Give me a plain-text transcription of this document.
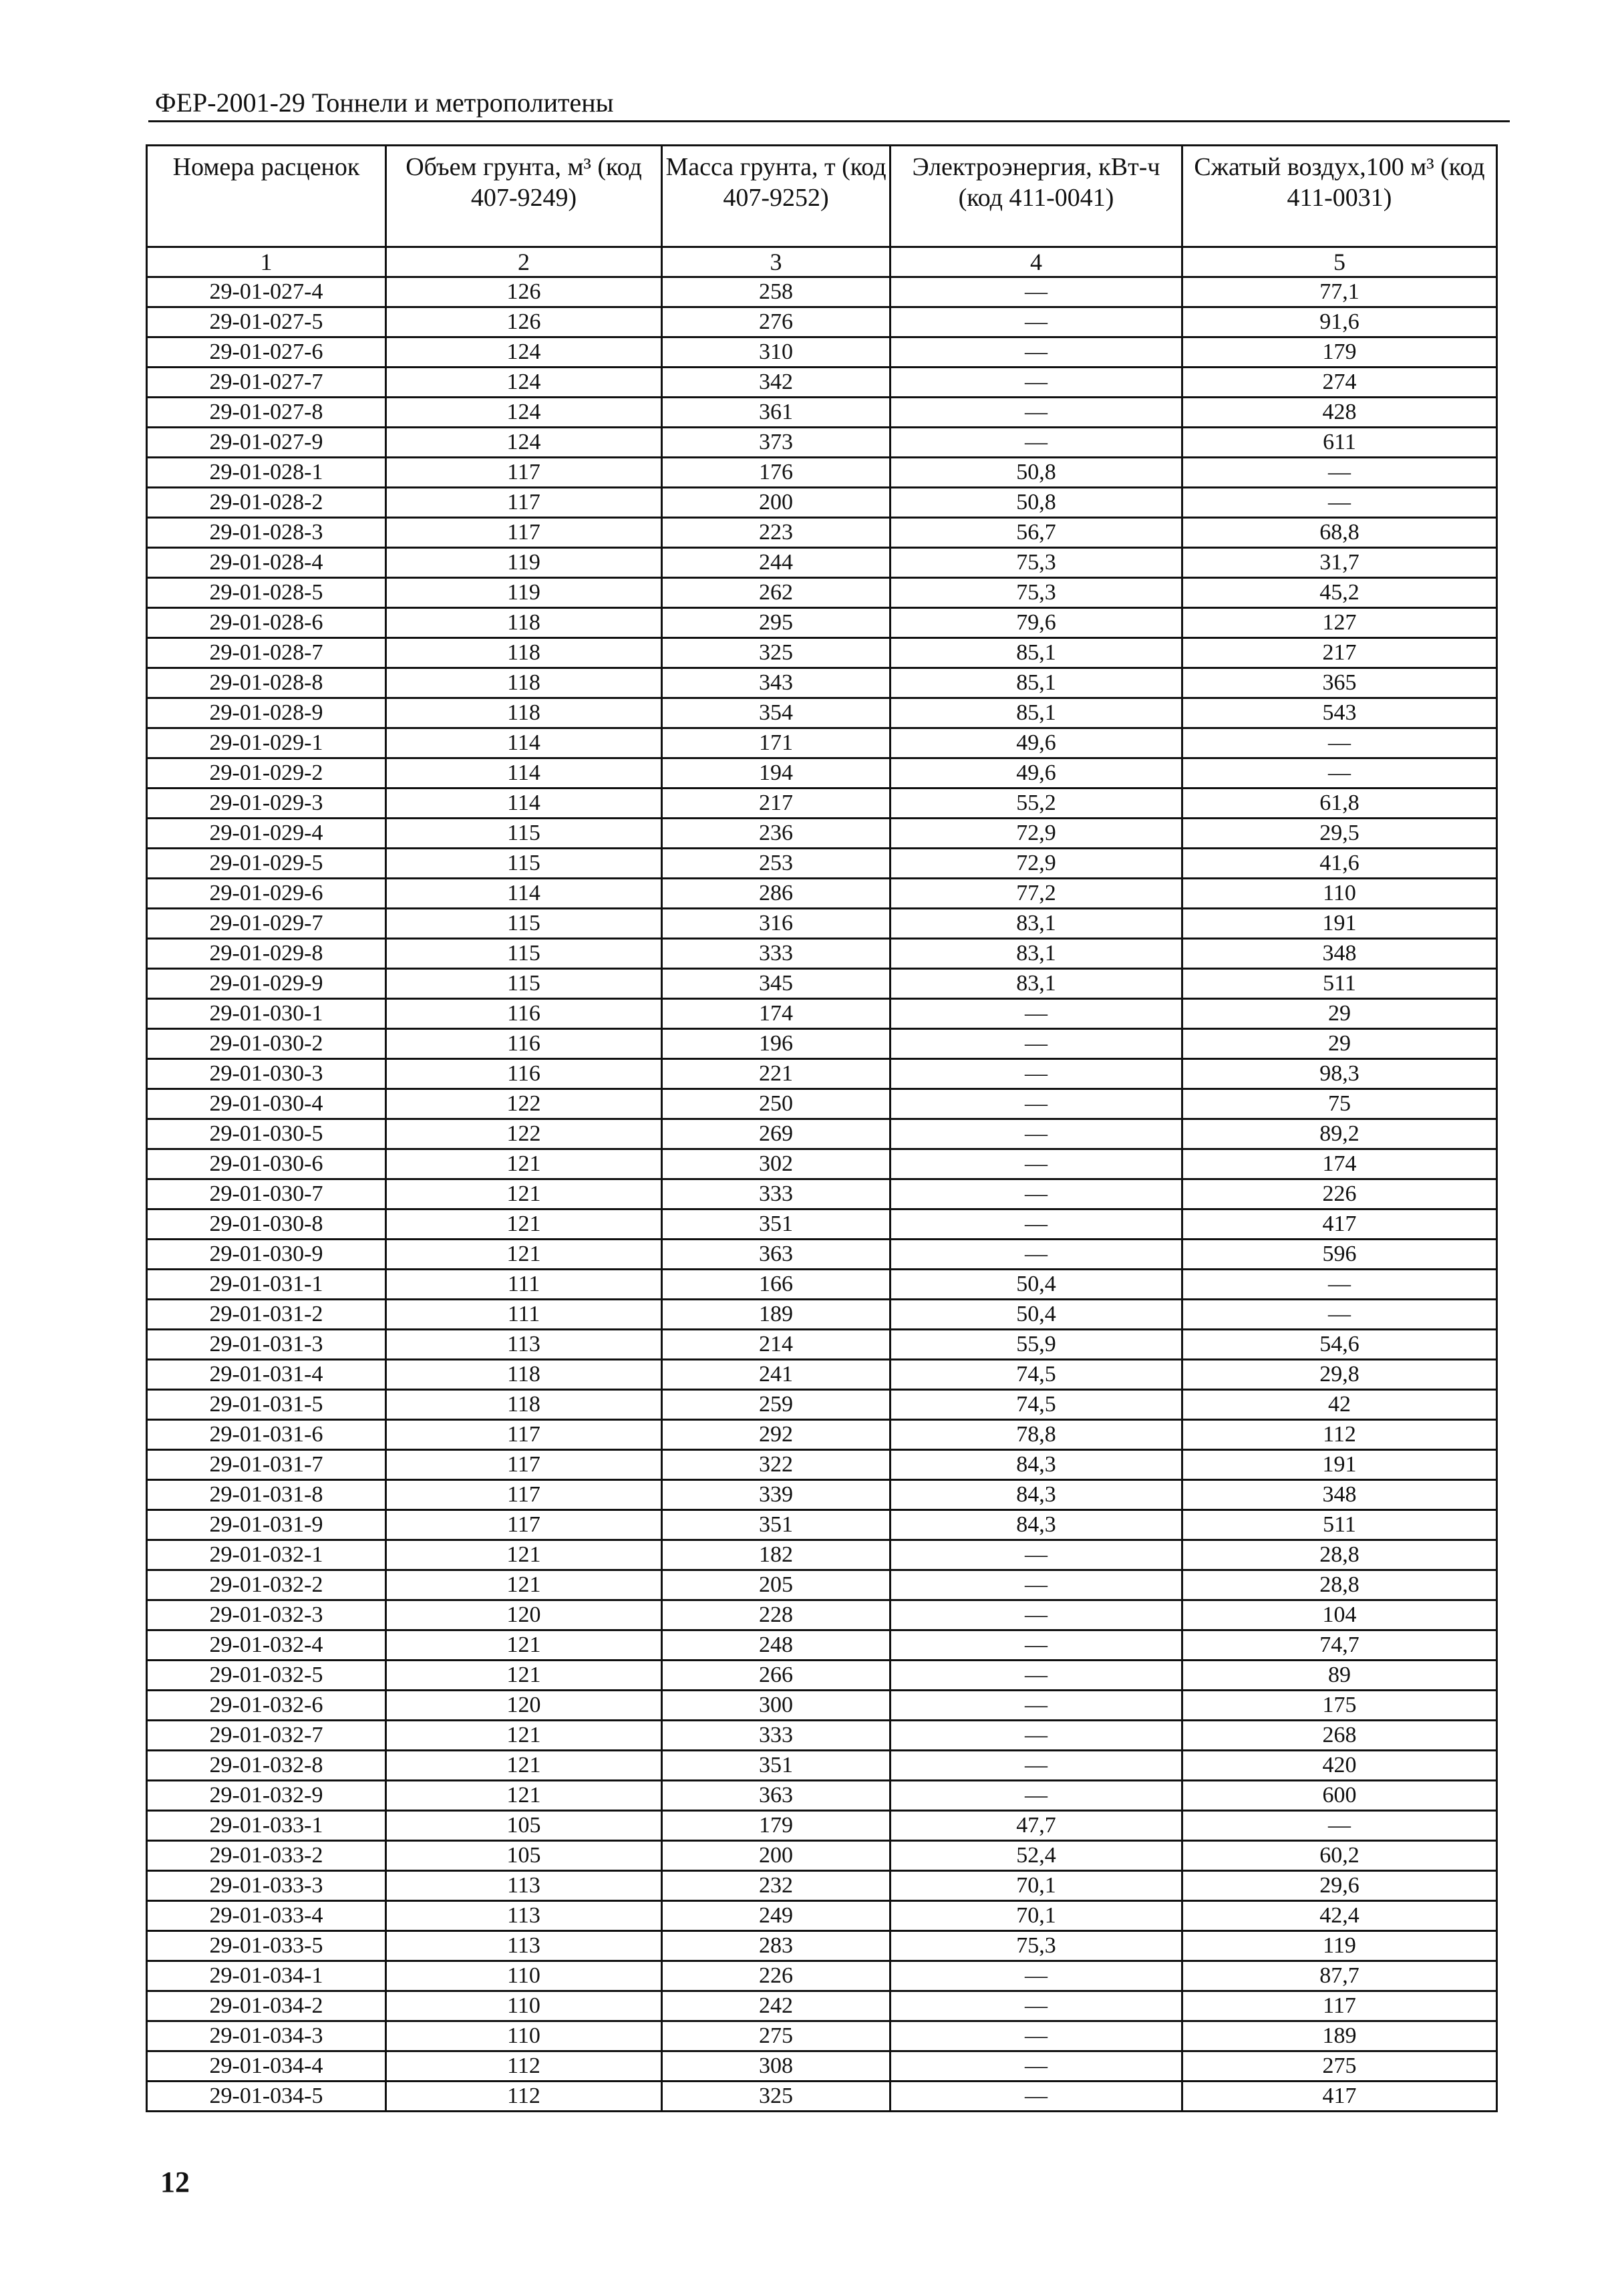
ФЕР-2001-29 Тоннели и метрополитены
Номера расценок	Объем грунта, м³ (код 407-9249)	Масса грунта, т (код 407-9252)	Электроэнергия, кВт-ч (код 411-0041)	Сжатый воздух,100 м³ (код 411-0031)
1	2	3	4	5
29-01-027-4	126	258	—	77,1
29-01-027-5	126	276	—	91,6
29-01-027-6	124	310	—	179
29-01-027-7	124	342	—	274
29-01-027-8	124	361	—	428
29-01-027-9	124	373	—	611
29-01-028-1	117	176	50,8	—
29-01-028-2	117	200	50,8	—
29-01-028-3	117	223	56,7	68,8
29-01-028-4	119	244	75,3	31,7
29-01-028-5	119	262	75,3	45,2
29-01-028-6	118	295	79,6	127
29-01-028-7	118	325	85,1	217
29-01-028-8	118	343	85,1	365
29-01-028-9	118	354	85,1	543
29-01-029-1	114	171	49,6	—
29-01-029-2	114	194	49,6	—
29-01-029-3	114	217	55,2	61,8
29-01-029-4	115	236	72,9	29,5
29-01-029-5	115	253	72,9	41,6
29-01-029-6	114	286	77,2	110
29-01-029-7	115	316	83,1	191
29-01-029-8	115	333	83,1	348
29-01-029-9	115	345	83,1	511
29-01-030-1	116	174	—	29
29-01-030-2	116	196	—	29
29-01-030-3	116	221	—	98,3
29-01-030-4	122	250	—	75
29-01-030-5	122	269	—	89,2
29-01-030-6	121	302	—	174
29-01-030-7	121	333	—	226
29-01-030-8	121	351	—	417
29-01-030-9	121	363	—	596
29-01-031-1	111	166	50,4	—
29-01-031-2	111	189	50,4	—
29-01-031-3	113	214	55,9	54,6
29-01-031-4	118	241	74,5	29,8
29-01-031-5	118	259	74,5	42
29-01-031-6	117	292	78,8	112
29-01-031-7	117	322	84,3	191
29-01-031-8	117	339	84,3	348
29-01-031-9	117	351	84,3	511
29-01-032-1	121	182	—	28,8
29-01-032-2	121	205	—	28,8
29-01-032-3	120	228	—	104
29-01-032-4	121	248	—	74,7
29-01-032-5	121	266	—	89
29-01-032-6	120	300	—	175
29-01-032-7	121	333	—	268
29-01-032-8	121	351	—	420
29-01-032-9	121	363	—	600
29-01-033-1	105	179	47,7	—
29-01-033-2	105	200	52,4	60,2
29-01-033-3	113	232	70,1	29,6
29-01-033-4	113	249	70,1	42,4
29-01-033-5	113	283	75,3	119
29-01-034-1	110	226	—	87,7
29-01-034-2	110	242	—	117
29-01-034-3	110	275	—	189
29-01-034-4	112	308	—	275
29-01-034-5	112	325	—	417
12
